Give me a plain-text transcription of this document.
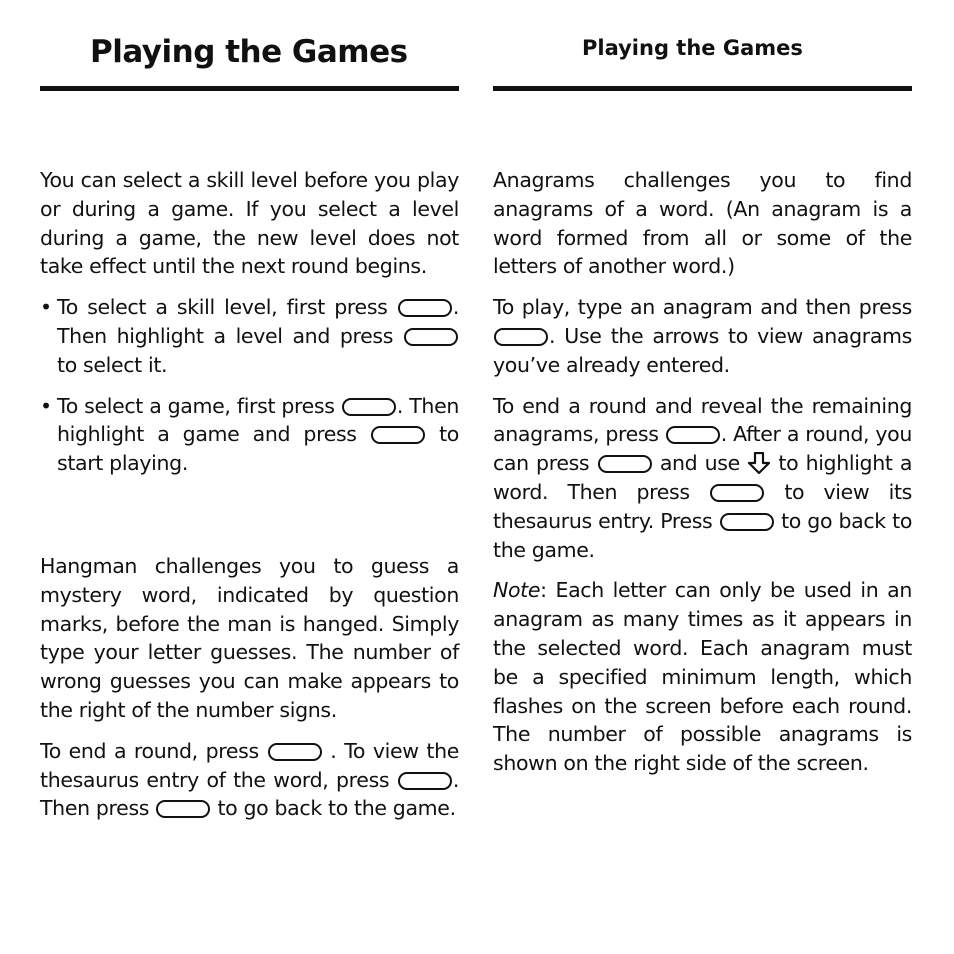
Playing the Games

You can select a skill level before you play or during a game. If you select a level during a game, the new level does not take effect until the next round begins.

• To select a skill level, first press	. Then highlight a level and press  to select it.
• To select a game, first press	. Then highlight a game and press	to start playing.

Hangman challenges you to guess a mystery word, indicated by question marks, before the man is hanged. Simply type your letter guesses. The number of wrong guesses you can make appears to the right of the number signs.

To end a round, press	. To view the thesaurus entry of the word, press	. Then press	to go back to the game.

Playing the Games

Anagrams challenges you to find anagrams of a word. (An anagram is a word formed from all or some of the letters of another word.)

To play, type an anagram and then press . Use the arrows to view anagrams you’ve already entered.

To end a round and reveal the remaining anagrams, press	. After a round, you can press	and use to highlight a word. Then press	to view its thesaurus entry. Press	to go back to the game.

Note: Each letter can only be used in an anagram as many times as it appears in the selected word. Each anagram must be a specified minimum length, which flashes on the screen before each round. The number of possible anagrams is shown on the right side of the screen.
